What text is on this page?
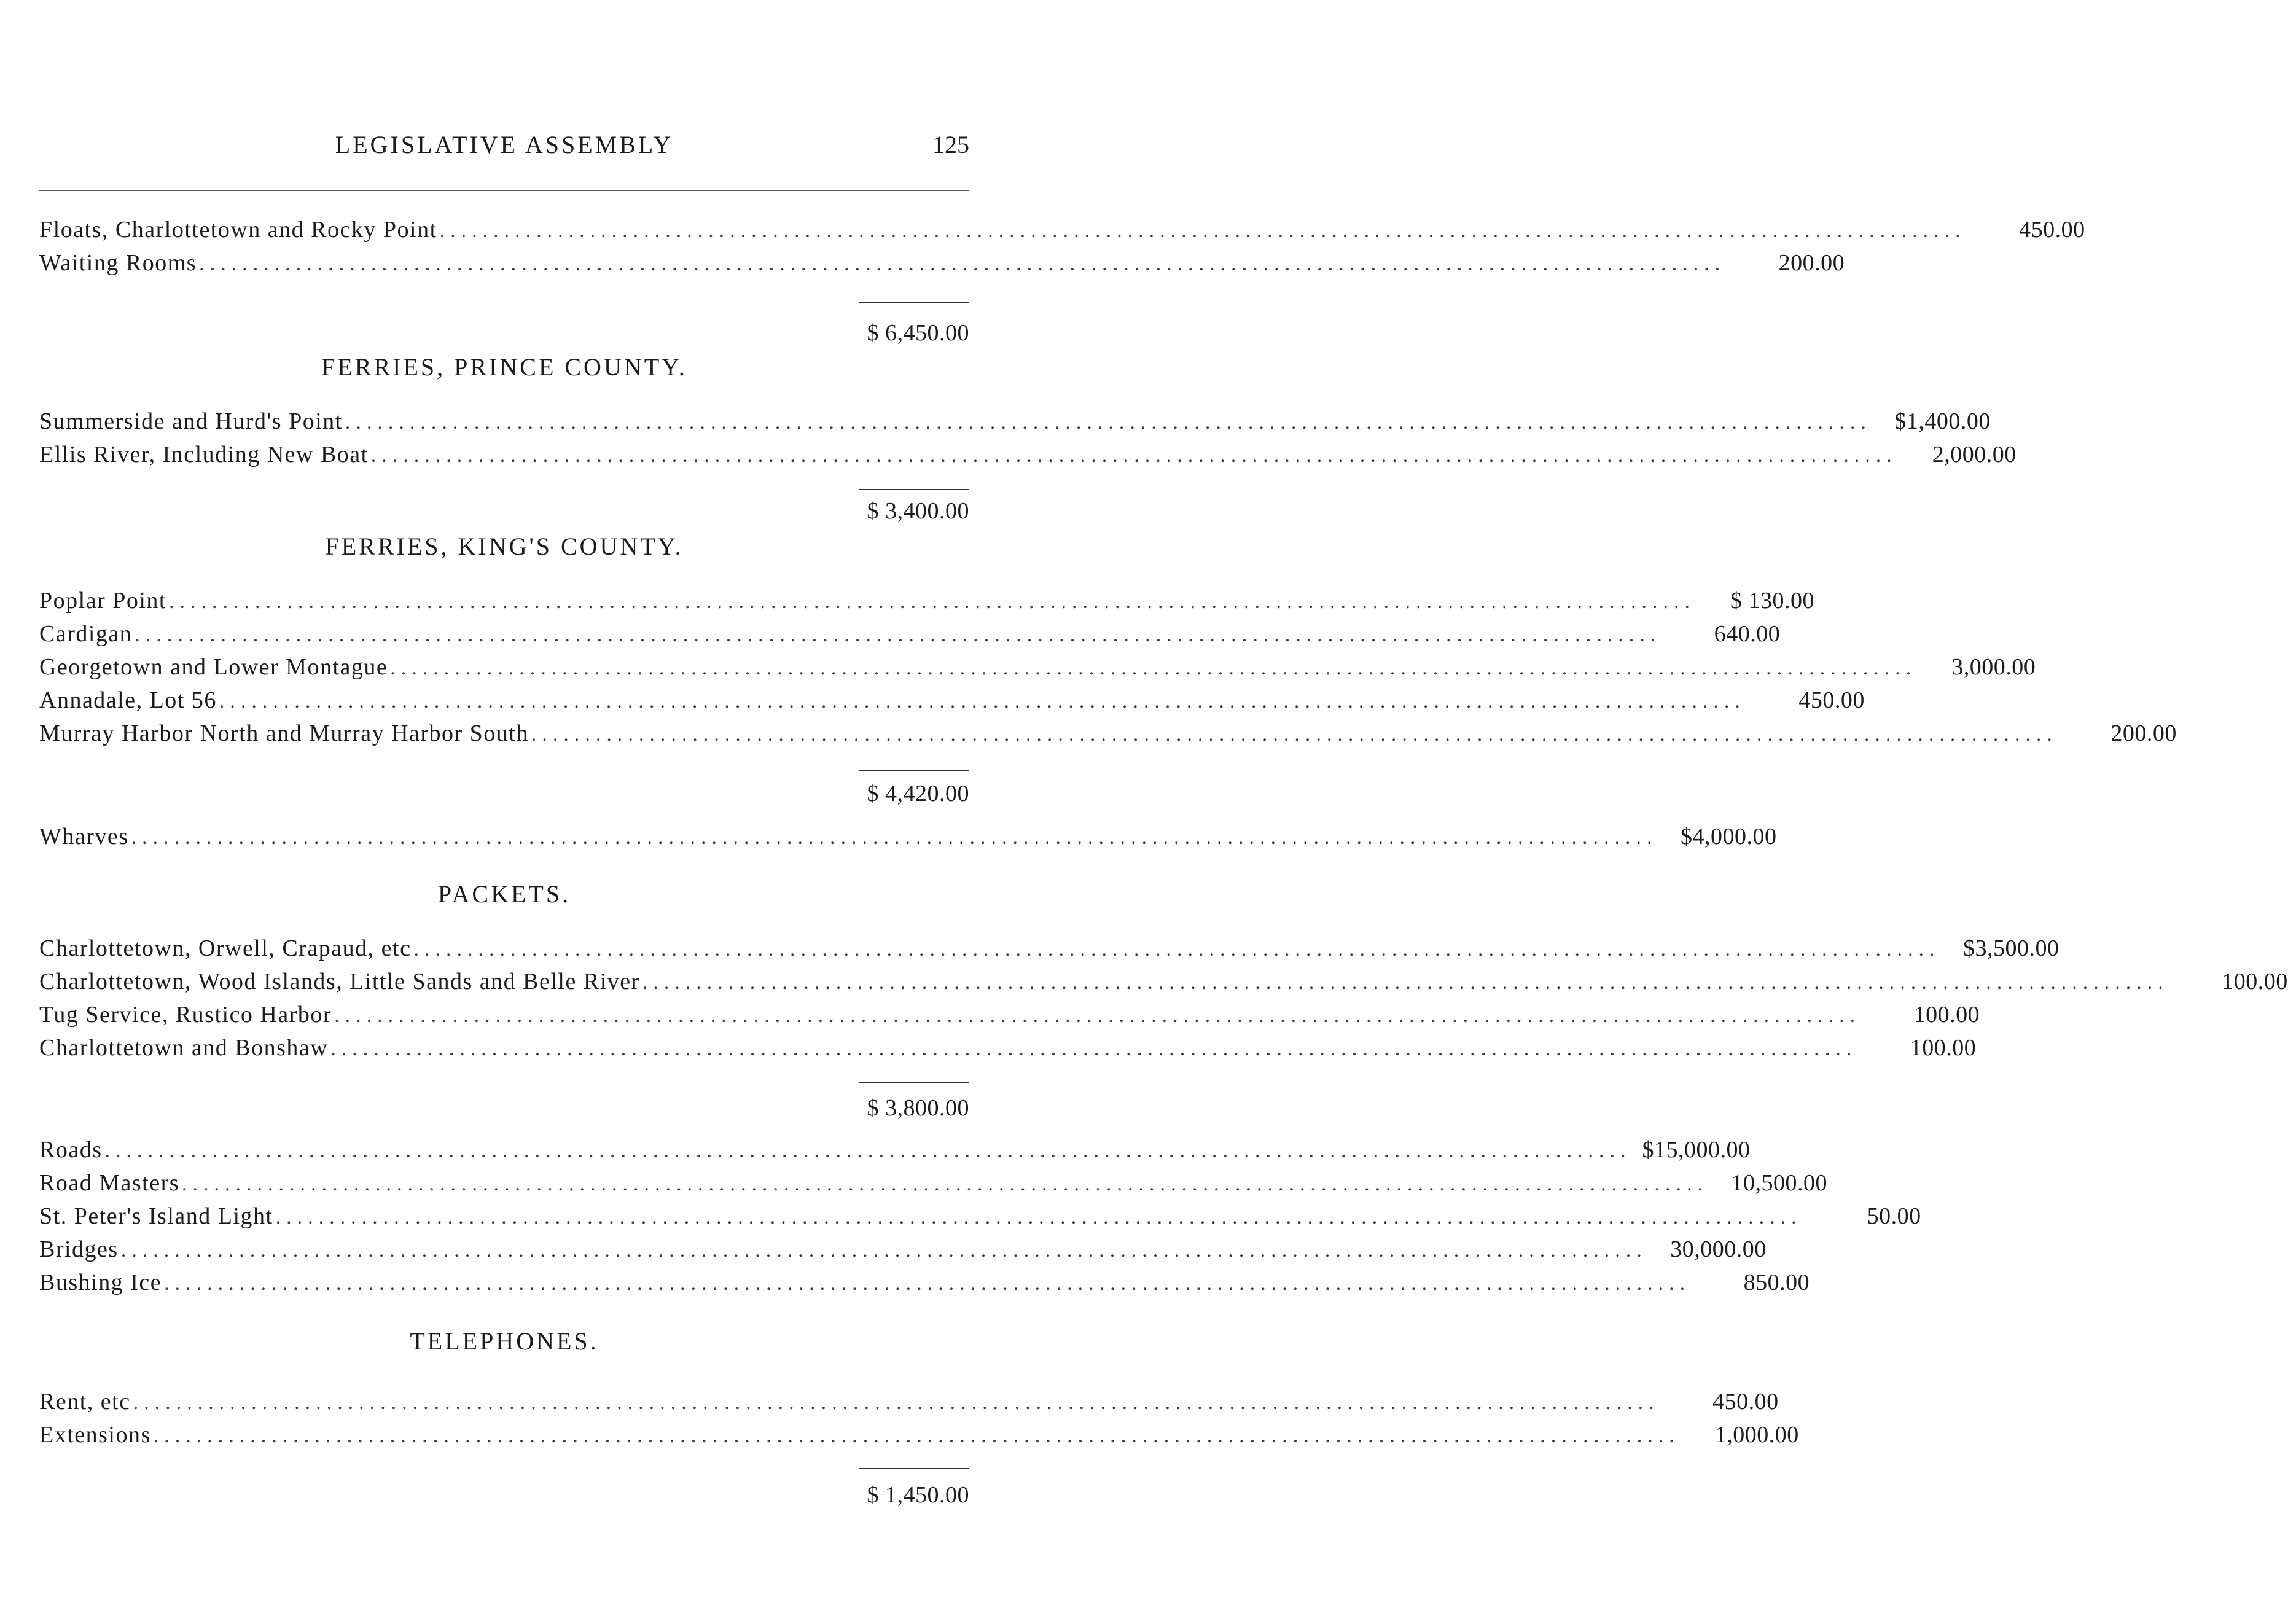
LEGISLATIVE ASSEMBLY	125
Floats, Charlottetown and Rocky Point ..............................................................................................................................................	450.00
Waiting Rooms ..............................................................................................................................................	200.00
$ 6,450.00
FERRIES, PRINCE COUNTY.
Summerside and Hurd's Point .............................................................................................................................................. $1,400.00
Ellis River, Including New Boat ..............................................................................................................................................	2,000.00
$ 3,400.00
FERRIES, KING'S COUNTY.
Poplar Point ..............................................................................................................................................	$ 130.00
Cardigan ..............................................................................................................................................	640.00
Georgetown and Lower Montague ..............................................................................................................................................	3,000.00
Annadale, Lot 56 ..............................................................................................................................................	450.00
Murray Harbor North and Murray Harbor South ..............................................................................................................................................	200.00
$ 4,420.00
Wharves .............................................................................................................................................. $4,000.00
PACKETS.
Charlottetown, Orwell, Crapaud, etc .............................................................................................................................................. $3,500.00
Charlottetown, Wood Islands, Little Sands and Belle River ..............................................................................................................................................	100.00
Tug Service, Rustico Harbor ..............................................................................................................................................	100.00
Charlottetown and Bonshaw ..............................................................................................................................................	100.00
$ 3,800.00
Roads .............................................................................................................................................. $15,000.00
Road Masters .............................................................................................................................................. 10,500.00
St. Peter's Island Light ..............................................................................................................................................	50.00
Bridges .............................................................................................................................................. 30,000.00
Bushing Ice ..............................................................................................................................................	850.00
TELEPHONES.
Rent, etc ..............................................................................................................................................	450.00
Extensions ..............................................................................................................................................	1,000.00
$ 1,450.00
